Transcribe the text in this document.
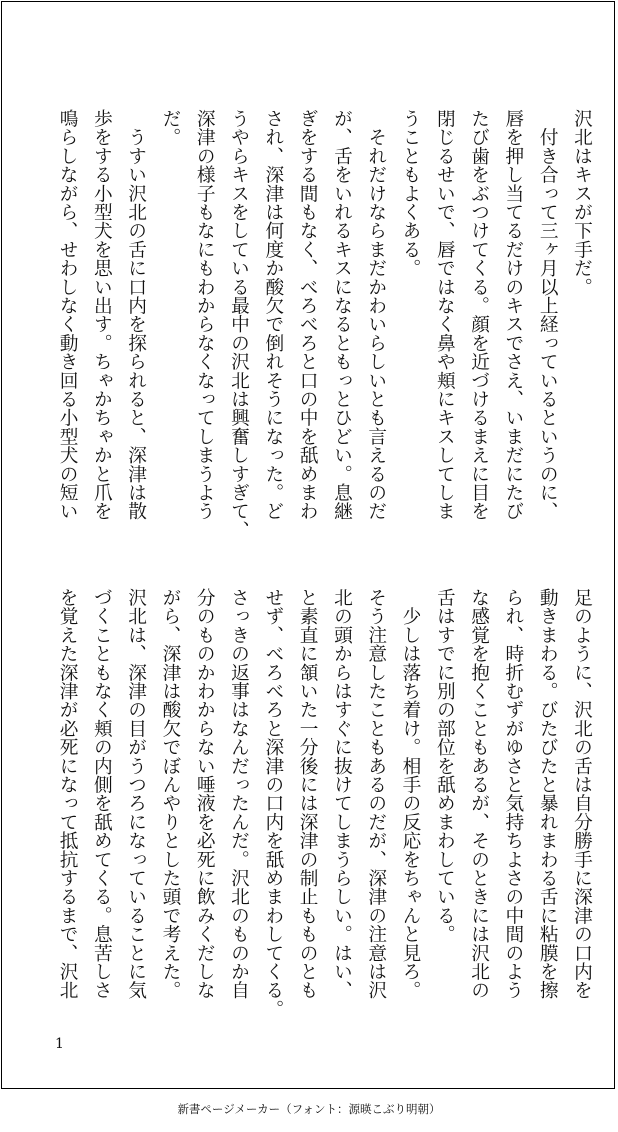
沢北はキスが下手だ。
　付き合って三ヶ月以上経っているというのに、
唇を押し当てるだけのキスでさえ、いまだにたび
たび歯をぶつけてくる。顔を近づけるまえに目を
閉じるせいで、唇ではなく鼻や頬にキスしてしま
うこともよくある。
　それだけならまだかわいらしいとも言えるのだ
が、舌をいれるキスになるともっとひどい。息継
ぎをする間もなく、べろべろと口の中を舐めまわ
され、深津は何度か酸欠で倒れそうになった。ど
うやらキスをしている最中の沢北は興奮しすぎて、
深津の様子もなにもわからなくなってしまうよう
だ。
　うすい沢北の舌に口内を探られると、深津は散
歩をする小型犬を思い出す。ちゃかちゃかと爪を
鳴らしながら、せわしなく動き回る小型犬の短い
足のように、沢北の舌は自分勝手に深津の口内を
動きまわる。びたびたと暴れまわる舌に粘膜を擦
られ、時折むずがゆさと気持ちよさの中間のよう
な感覚を抱くこともあるが、そのときには沢北の
舌はすでに別の部位を舐めまわしている。
　少しは落ち着け。相手の反応をちゃんと見ろ。
そう注意したこともあるのだが、深津の注意は沢
北の頭からはすぐに抜けてしまうらしい。はい、
と素直に頷いた一分後には深津の制止もものとも
せず、べろべろと深津の口内を舐めまわしてくる。
さっきの返事はなんだったんだ。沢北のものか自
分のものかわからない唾液を必死に飲みくだしな
がら、深津は酸欠でぼんやりとした頭で考えた。
沢北は、深津の目がうつろになっていることに気
づくこともなく頬の内側を舐めてくる。息苦しさ
を覚えた深津が必死になって抵抗するまで、沢北
1
新書ページメーカー（フォント：源暎こぶり明朝）
